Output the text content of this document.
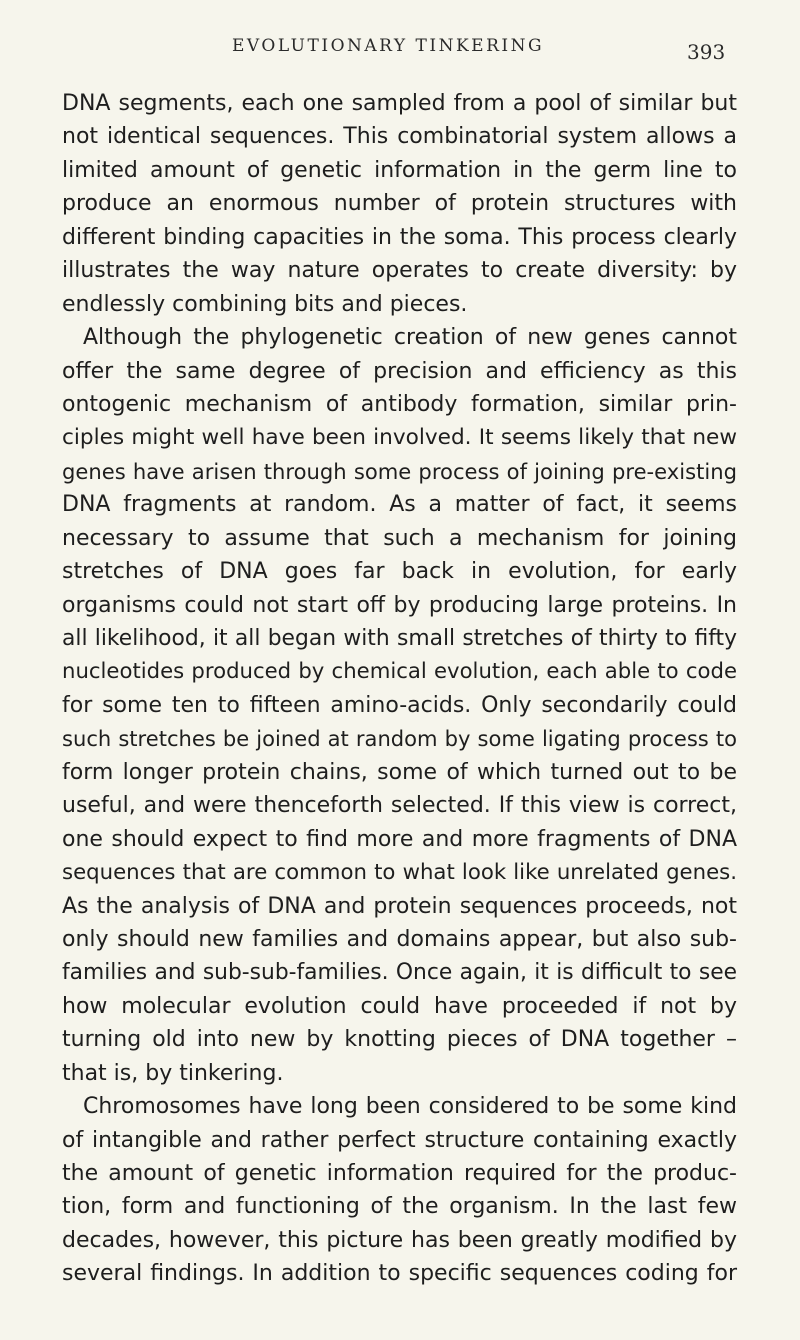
EVOLUTIONARY TINKERING	393
DNA segments, each one sampled from a pool of similar but
not identical sequences. This combinatorial system allows a
limited amount of genetic information in the germ line to
produce an enormous number of protein structures with
different binding capacities in the soma. This process clearly
illustrates the way nature operates to create diversity: by
endlessly combining bits and pieces.
Although the phylogenetic creation of new genes cannot
offer the same degree of precision and efficiency as this
ontogenic mechanism of antibody formation, similar prin-
ciples might well have been involved. It seems likely that new
genes have arisen through some process of joining pre-existing
DNA fragments at random. As a matter of fact, it seems
necessary to assume that such a mechanism for joining
stretches of DNA goes far back in evolution, for early
organisms could not start off by producing large proteins. In
all likelihood, it all began with small stretches of thirty to fifty
nucleotides produced by chemical evolution, each able to code
for some ten to fifteen amino-acids. Only secondarily could
such stretches be joined at random by some ligating process to
form longer protein chains, some of which turned out to be
useful, and were thenceforth selected. If this view is correct,
one should expect to find more and more fragments of DNA
sequences that are common to what look like unrelated genes.
As the analysis of DNA and protein sequences proceeds, not
only should new families and domains appear, but also sub-
families and sub-sub-families. Once again, it is difficult to see
how molecular evolution could have proceeded if not by
turning old into new by knotting pieces of DNA together –
that is, by tinkering.
Chromosomes have long been considered to be some kind
of intangible and rather perfect structure containing exactly
the amount of genetic information required for the produc-
tion, form and functioning of the organism. In the last few
decades, however, this picture has been greatly modified by
several findings. In addition to specific sequences coding for
